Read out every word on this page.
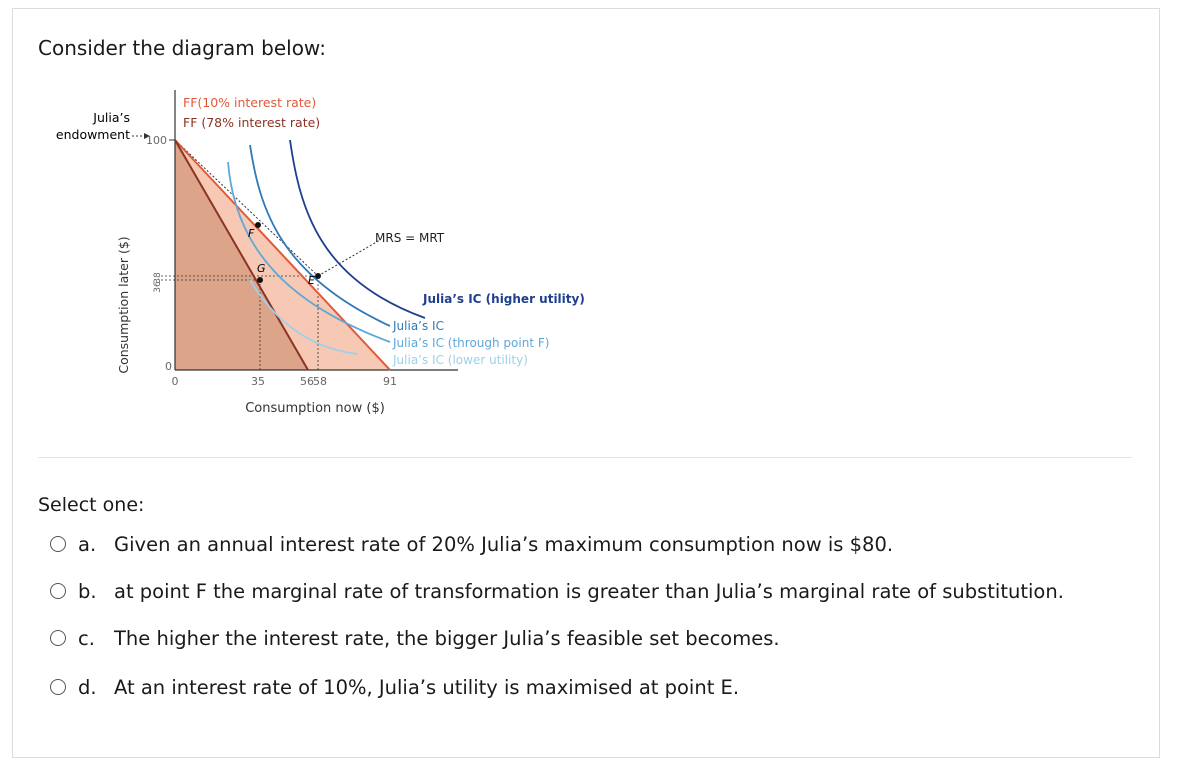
Consider the diagram below:
F
G
E
FF(10% interest rate)
FF (78% interest rate)
Julia’s
endowment 100
38
36
0
Consumption later ($)
0	35	56 58	91
Consumption now ($)
MRS = MRT
Julia’s IC (higher utility)
Julia’s IC
Julia’s IC (through point F)
Julia’s IC (lower utility)
Select one:
a. Given an annual interest rate of 20% Julia’s maximum consumption now is $80.
b. at point F the marginal rate of transformation is greater than Julia’s marginal rate of substitution.
c. The higher the interest rate, the bigger Julia’s feasible set becomes.
d. At an interest rate of 10%, Julia’s utility is maximised at point E.
